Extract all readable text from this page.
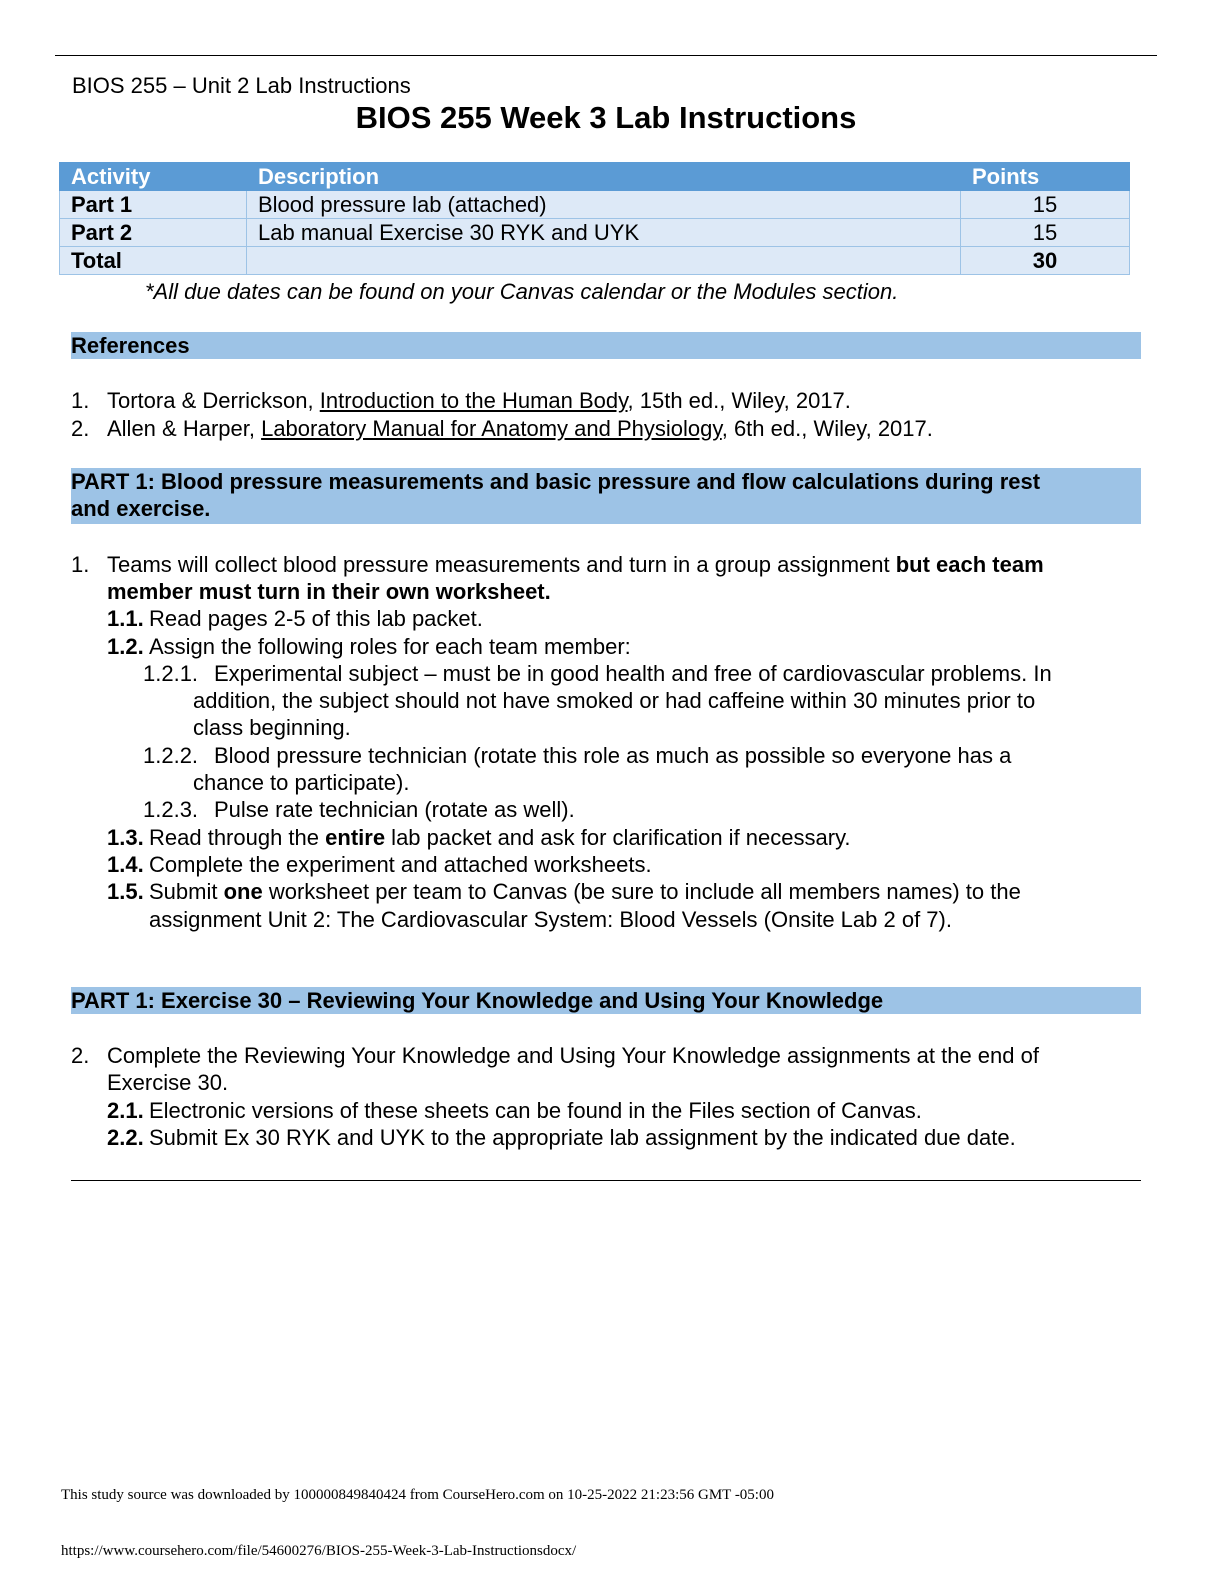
BIOS 255 – Unit 2 Lab Instructions
BIOS 255 Week 3 Lab Instructions
Activity	Description	Points
Part 1	Blood pressure lab (attached)	15
Part 2	Lab manual Exercise 30 RYK and UYK	15
Total		30
*All due dates can be found on your Canvas calendar or the Modules section.
References
1. Tortora & Derrickson, Introduction to the Human Body, 15th ed., Wiley, 2017.
2. Allen & Harper, Laboratory Manual for Anatomy and Physiology, 6th ed., Wiley, 2017.
PART 1: Blood pressure measurements and basic pressure and flow calculations during rest
and exercise.
1. Teams will collect blood pressure measurements and turn in a group assignment but each team
member must turn in their own worksheet.
1.1. Read pages 2-5 of this lab packet.
1.2. Assign the following roles for each team member:
1.2.1. Experimental subject – must be in good health and free of cardiovascular problems. In
addition, the subject should not have smoked or had caffeine within 30 minutes prior to
class beginning.
1.2.2. Blood pressure technician (rotate this role as much as possible so everyone has a
chance to participate).
1.2.3. Pulse rate technician (rotate as well).
1.3. Read through the entire lab packet and ask for clarification if necessary.
1.4. Complete the experiment and attached worksheets.
1.5. Submit one worksheet per team to Canvas (be sure to include all members names) to the
assignment Unit 2: The Cardiovascular System: Blood Vessels (Onsite Lab 2 of 7).
PART 1: Exercise 30 – Reviewing Your Knowledge and Using Your Knowledge
2. Complete the Reviewing Your Knowledge and Using Your Knowledge assignments at the end of
Exercise 30.
2.1. Electronic versions of these sheets can be found in the Files section of Canvas.
2.2. Submit Ex 30 RYK and UYK to the appropriate lab assignment by the indicated due date.
This study source was downloaded by 100000849840424 from CourseHero.com on 10-25-2022 21:23:56 GMT -05:00
https://www.coursehero.com/file/54600276/BIOS-255-Week-3-Lab-Instructionsdocx/
